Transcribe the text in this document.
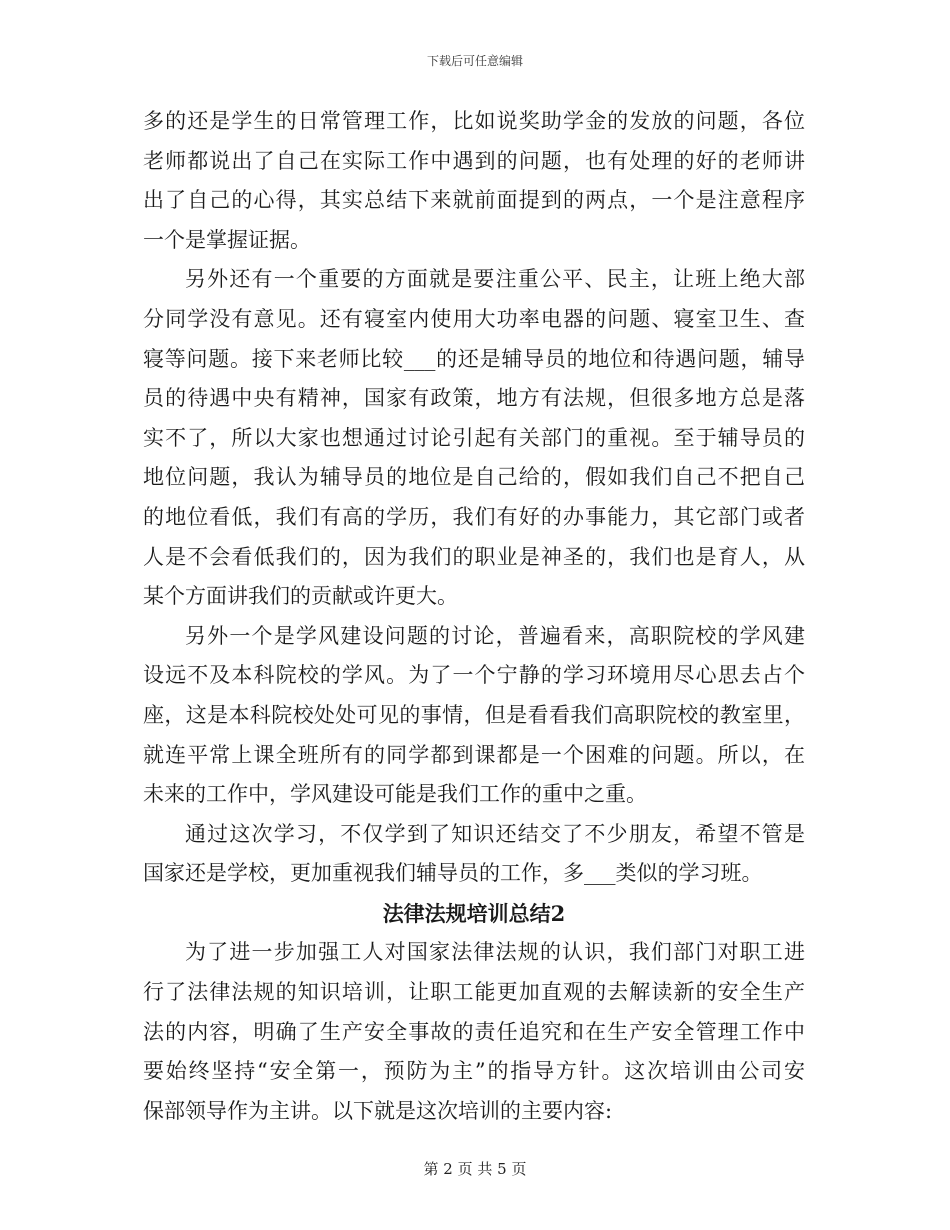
下载后可任意编辑
多的还是学生的日常管理工作，比如说奖助学金的发放的问题，各位
老师都说出了自己在实际工作中遇到的问题，也有处理的好的老师讲
出了自己的心得，其实总结下来就前面提到的两点，一个是注意程序
一个是掌握证据。
另外还有一个重要的方面就是要注重公平、民主，让班上绝大部
分同学没有意见。还有寝室内使用大功率电器的问题、寝室卫生、查
寝等问题。接下来老师比较___的还是辅导员的地位和待遇问题，辅导
员的待遇中央有精神，国家有政策，地方有法规，但很多地方总是落
实不了，所以大家也想通过讨论引起有关部门的重视。至于辅导员的
地位问题，我认为辅导员的地位是自己给的，假如我们自己不把自己
的地位看低，我们有高的学历，我们有好的办事能力，其它部门或者
人是不会看低我们的，因为我们的职业是神圣的，我们也是育人，从
某个方面讲我们的贡献或许更大。
另外一个是学风建设问题的讨论，普遍看来，高职院校的学风建
设远不及本科院校的学风。为了一个宁静的学习环境用尽心思去占个
座，这是本科院校处处可见的事情，但是看看我们高职院校的教室里，
就连平常上课全班所有的同学都到课都是一个困难的问题。所以，在
未来的工作中，学风建设可能是我们工作的重中之重。
通过这次学习，不仅学到了知识还结交了不少朋友，希望不管是
国家还是学校，更加重视我们辅导员的工作，多___类似的学习班。
法律法规培训总结2
为了进一步加强工人对国家法律法规的认识，我们部门对职工进
行了法律法规的知识培训，让职工能更加直观的去解读新的安全生产
法的内容，明确了生产安全事故的责任追究和在生产安全管理工作中
要始终坚持“安全第一，预防为主”的指导方针。这次培训由公司安
保部领导作为主讲。以下就是这次培训的主要内容:
第 2 页 共 5 页
